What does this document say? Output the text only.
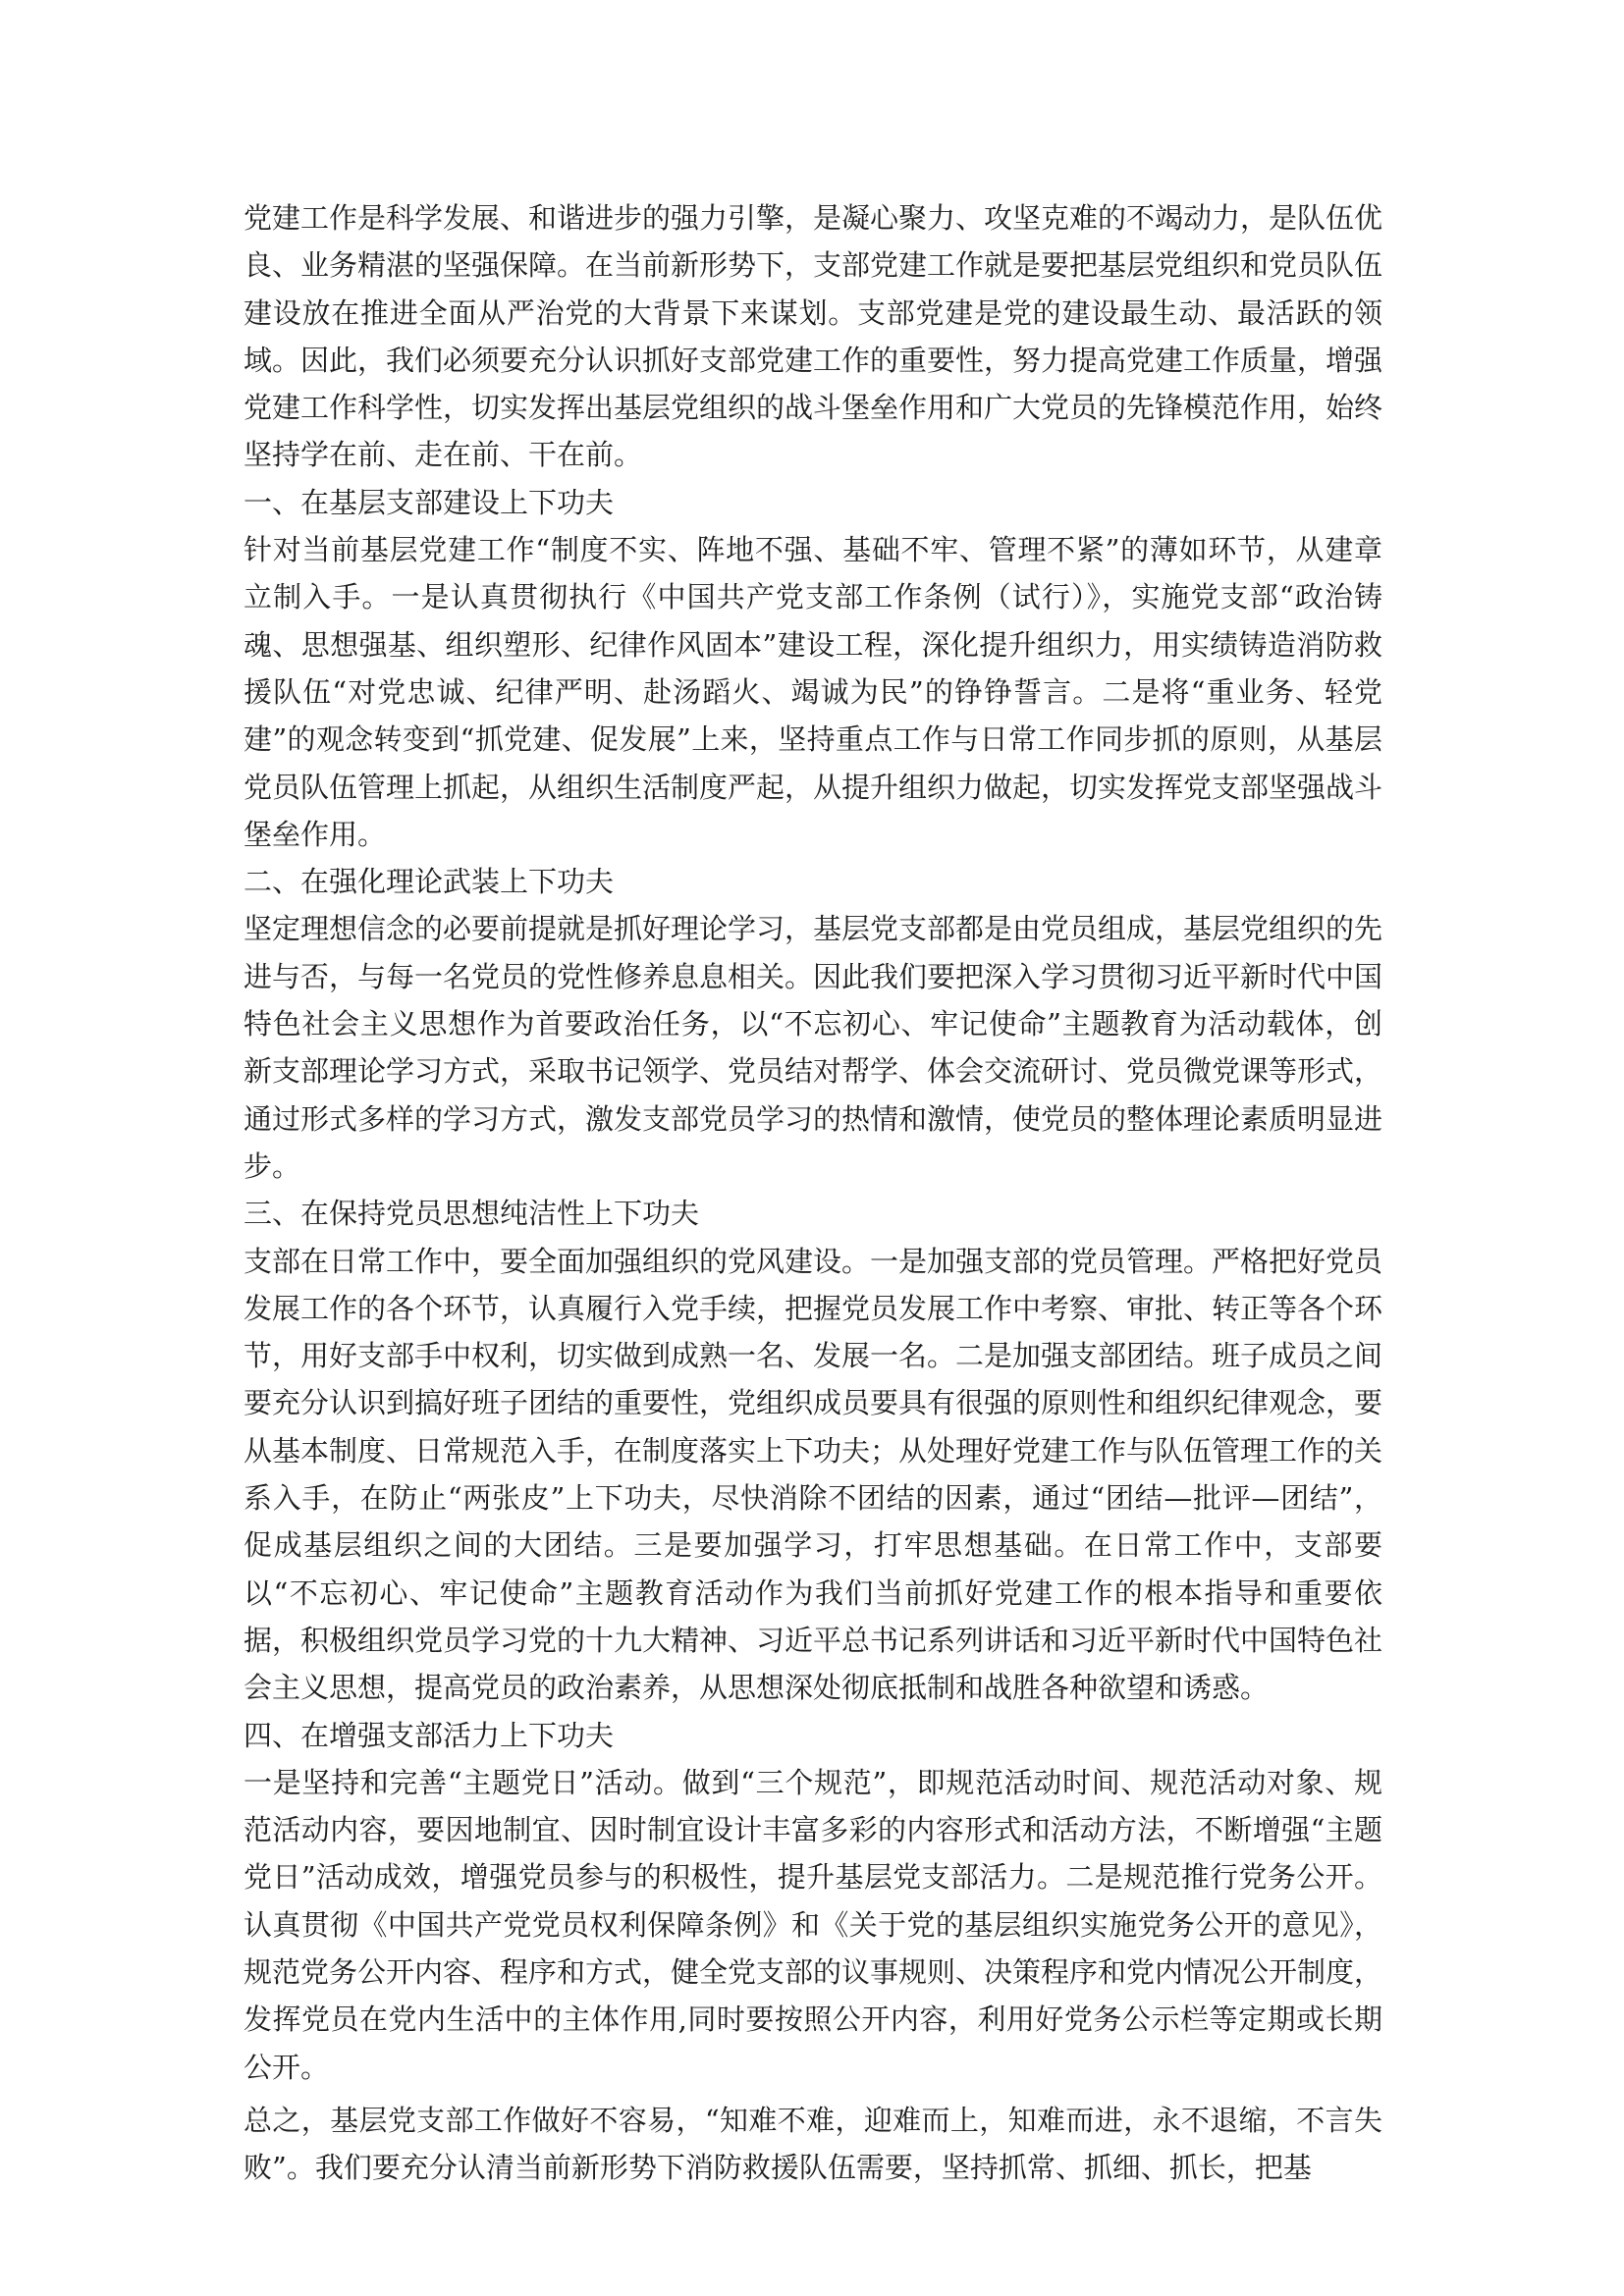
党建工作是科学发展、和谐进步的强力引擎，是凝心聚力、攻坚克难的不竭动力，是队伍优良、业务精湛的坚强保障。在当前新形势下，支部党建工作就是要把基层党组织和党员队伍建设放在推进全面从严治党的大背景下来谋划。支部党建是党的建设最生动、最活跃的领域。因此，我们必须要充分认识抓好支部党建工作的重要性，努力提高党建工作质量，增强党建工作科学性，切实发挥出基层党组织的战斗堡垒作用和广大党员的先锋模范作用，始终坚持学在前、走在前、干在前。

一、在基层支部建设上下功夫

针对当前基层党建工作“制度不实、阵地不强、基础不牢、管理不紧”的薄如环节，从建章立制入手。一是认真贯彻执行《中国共产党支部工作条例（试行）》，实施党支部“政治铸魂、思想强基、组织塑形、纪律作风固本”建设工程，深化提升组织力，用实绩铸造消防救援队伍“对党忠诚、纪律严明、赴汤蹈火、竭诚为民”的铮铮誓言。二是将“重业务、轻党建”的观念转变到“抓党建、促发展”上来，坚持重点工作与日常工作同步抓的原则，从基层党员队伍管理上抓起，从组织生活制度严起，从提升组织力做起，切实发挥党支部坚强战斗堡垒作用。

二、在强化理论武装上下功夫

坚定理想信念的必要前提就是抓好理论学习，基层党支部都是由党员组成，基层党组织的先进与否，与每一名党员的党性修养息息相关。因此我们要把深入学习贯彻习近平新时代中国特色社会主义思想作为首要政治任务，以“不忘初心、牢记使命”主题教育为活动载体，创新支部理论学习方式，采取书记领学、党员结对帮学、体会交流研讨、党员微党课等形式，通过形式多样的学习方式，激发支部党员学习的热情和激情，使党员的整体理论素质明显进步。

三、在保持党员思想纯洁性上下功夫

支部在日常工作中，要全面加强组织的党风建设。一是加强支部的党员管理。严格把好党员发展工作的各个环节，认真履行入党手续，把握党员发展工作中考察、审批、转正等各个环节，用好支部手中权利，切实做到成熟一名、发展一名。二是加强支部团结。班子成员之间要充分认识到搞好班子团结的重要性，党组织成员要具有很强的原则性和组织纪律观念，要从基本制度、日常规范入手，在制度落实上下功夫；从处理好党建工作与队伍管理工作的关系入手，在防止“两张皮”上下功夫，尽快消除不团结的因素，通过“团结—批评—团结”，促成基层组织之间的大团结。三是要加强学习，打牢思想基础。在日常工作中，支部要以“不忘初心、牢记使命”主题教育活动作为我们当前抓好党建工作的根本指导和重要依据，积极组织党员学习党的十九大精神、习近平总书记系列讲话和习近平新时代中国特色社会主义思想，提高党员的政治素养，从思想深处彻底抵制和战胜各种欲望和诱惑。

四、在增强支部活力上下功夫

一是坚持和完善“主题党日”活动。做到“三个规范”，即规范活动时间、规范活动对象、规范活动内容，要因地制宜、因时制宜设计丰富多彩的内容形式和活动方法，不断增强“主题党日”活动成效，增强党员参与的积极性，提升基层党支部活力。二是规范推行党务公开。认真贯彻《中国共产党党员权利保障条例》和《关于党的基层组织实施党务公开的意见》，规范党务公开内容、程序和方式，健全党支部的议事规则、决策程序和党内情况公开制度，发挥党员在党内生活中的主体作用,同时要按照公开内容，利用好党务公示栏等定期或长期公开。

总之，基层党支部工作做好不容易，“知难不难，迎难而上，知难而进，永不退缩，不言失败”。我们要充分认清当前新形势下消防救援队伍需要，坚持抓常、抓细、抓长，把基
